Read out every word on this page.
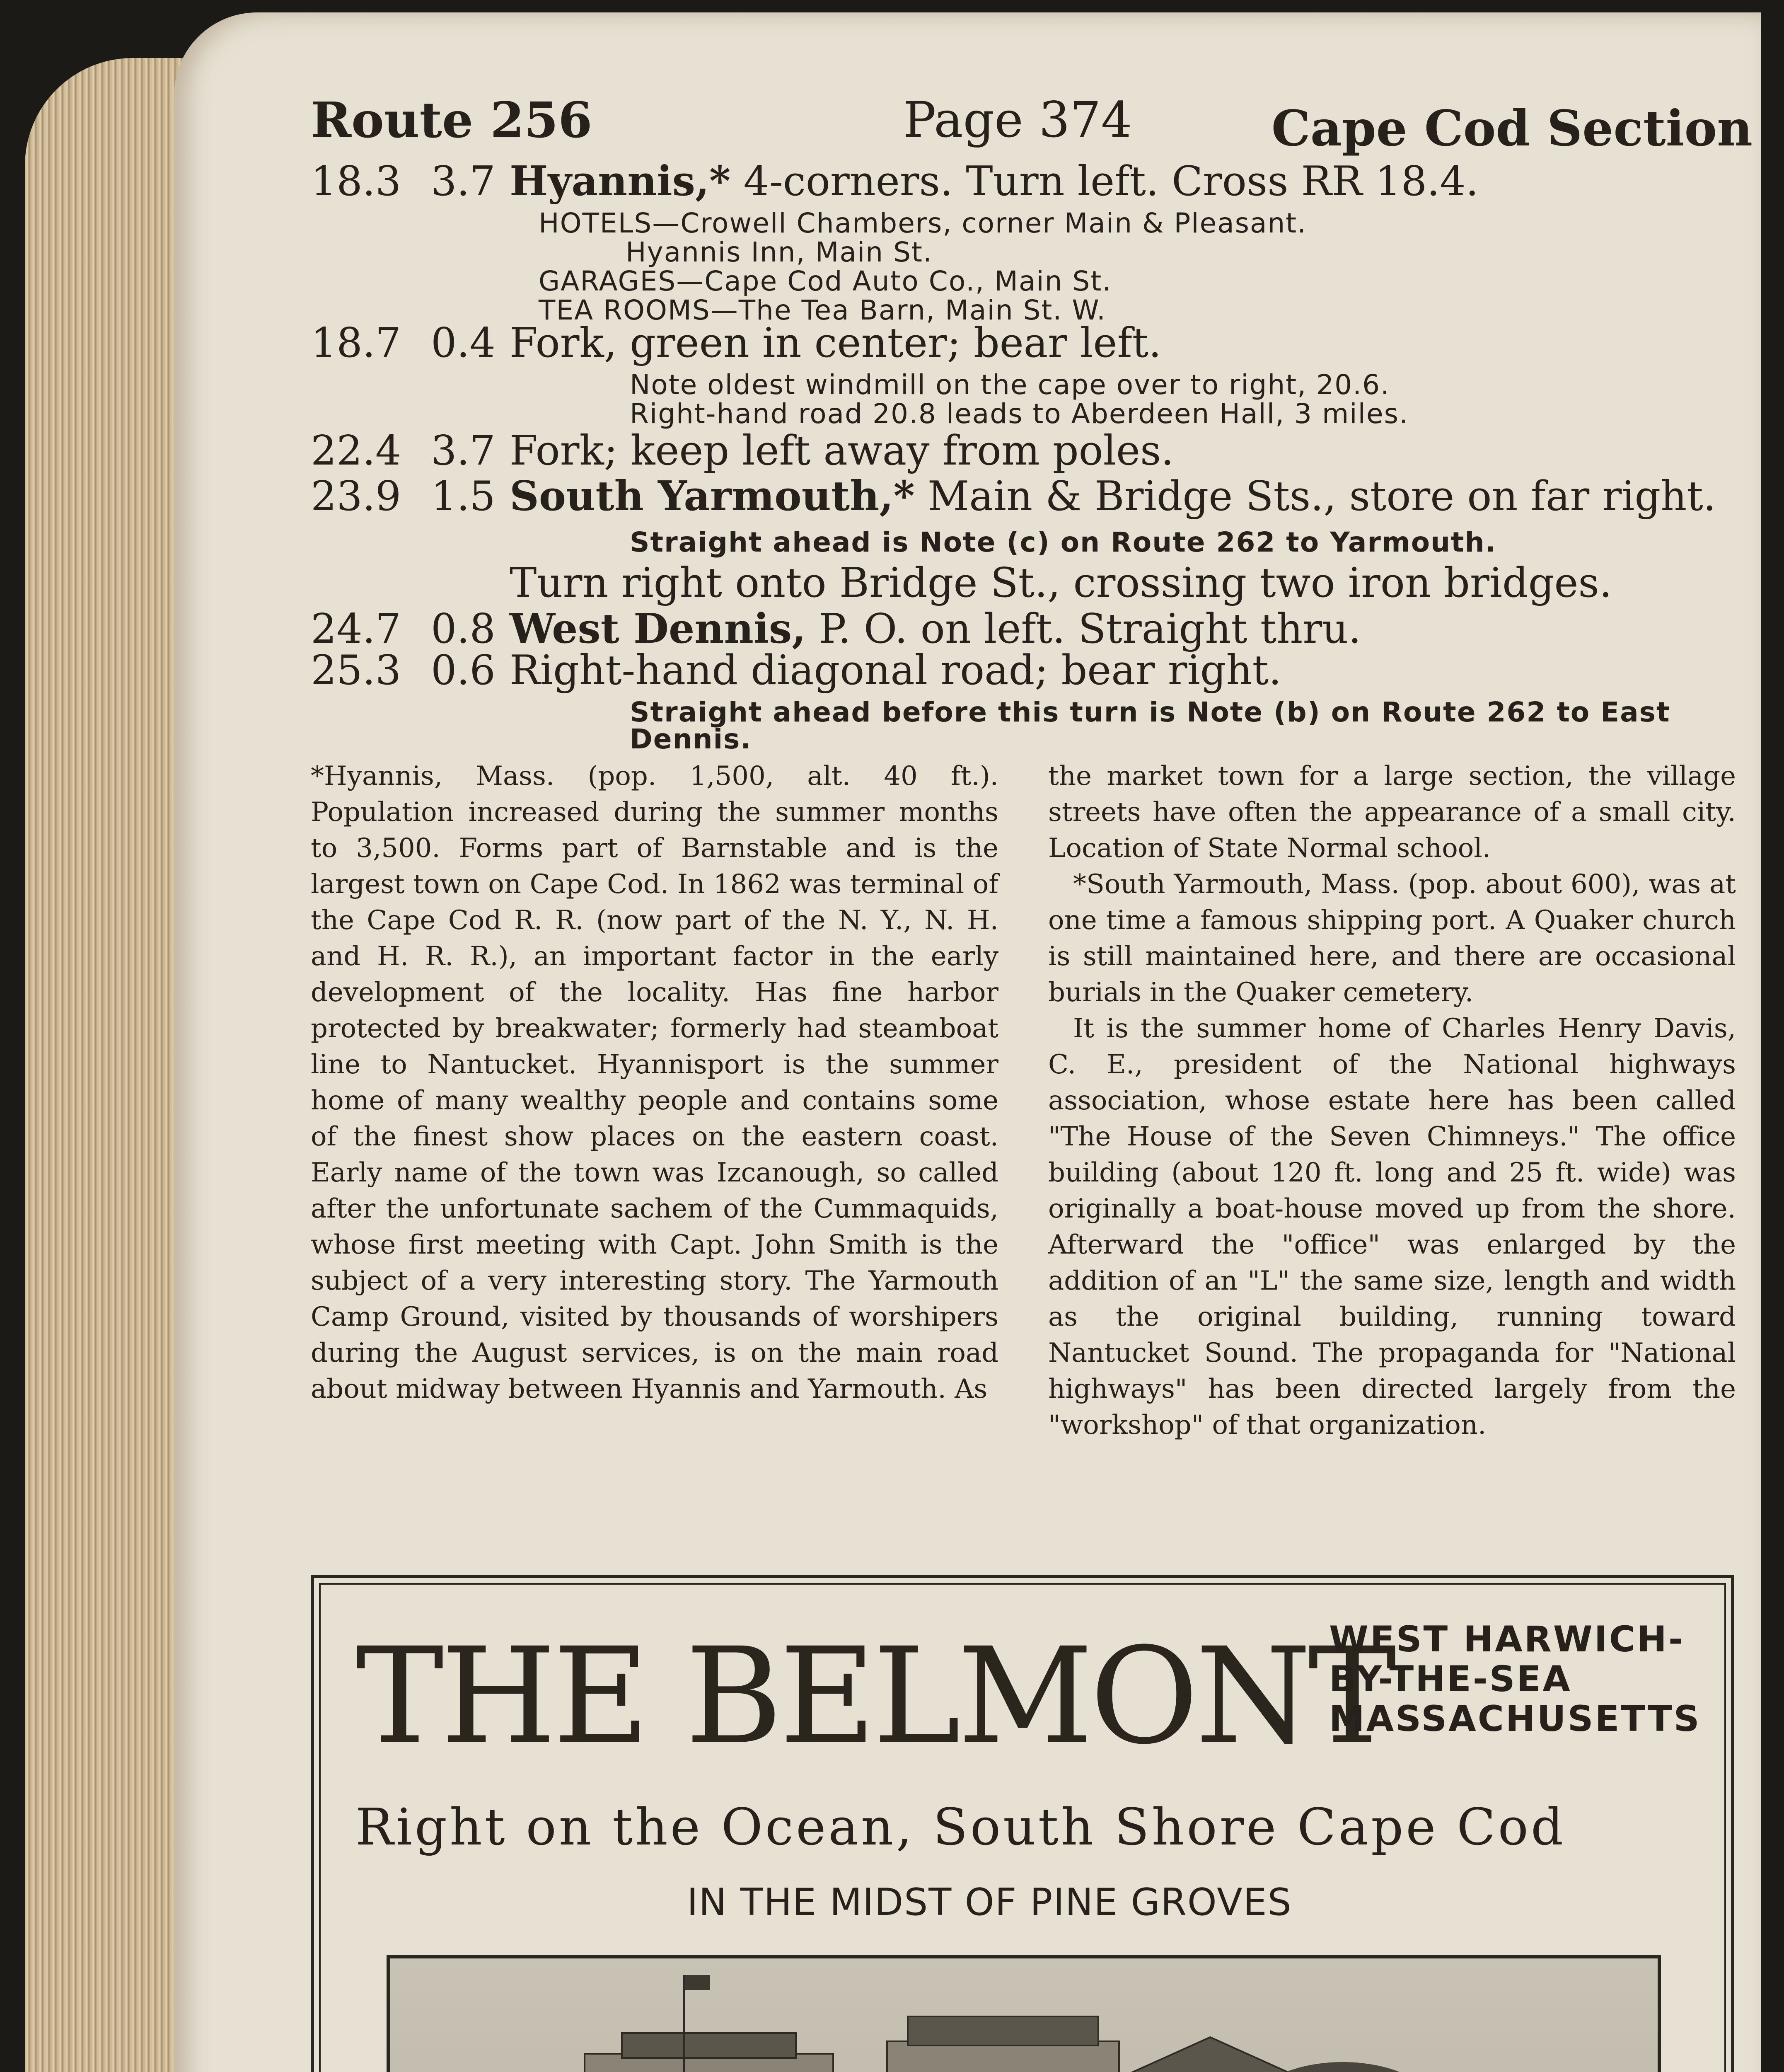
Route 256	Page 374	Cape Cod Section
18.3 3.7 Hyannis,* 4-corners. Turn left. Cross RR 18.4.
HOTELS—Crowell Chambers, corner Main & Pleasant.
Hyannis Inn, Main St.
GARAGES—Cape Cod Auto Co., Main St.
TEA ROOMS—The Tea Barn, Main St. W.
18.7 0.4 Fork, green in center; bear left.
Note oldest windmill on the cape over to right, 20.6.
Right-hand road 20.8 leads to Aberdeen Hall, 3 miles.
22.4 3.7 Fork; keep left away from poles.
23.9 1.5 South Yarmouth,* Main & Bridge Sts., store on far right.
Straight ahead is Note (c) on Route 262 to Yarmouth.
Turn right onto Bridge St., crossing two iron bridges.
24.7 0.8 West Dennis, P. O. on left. Straight thru.
25.3 0.6 Right-hand diagonal road; bear right.
Straight ahead before this turn is Note (b) on Route 262 to East
Dennis.

*Hyannis, Mass. (pop. 1,500, alt. 40 ft.). Population increased during the summer months to 3,500. Forms part of Barnstable and is the largest town on Cape Cod. In 1862 was terminal of the Cape Cod R. R. (now part of the N. Y., N. H. and H. R. R.), an important factor in the early development of the locality. Has fine harbor protected by breakwater; formerly had steamboat line to Nantucket. Hyannisport is the summer home of many wealthy people and contains some of the finest show places on the eastern coast. Early name of the town was Izcanough, so called after the unfortunate sachem of the Cummaquids, whose first meeting with Capt. John Smith is the subject of a very interesting story. The Yarmouth Camp Ground, visited by thousands of worshipers during the August services, is on the main road about midway between Hyannis and Yarmouth. As

the market town for a large section, the village streets have often the appearance of a small city. Location of State Normal school.

*South Yarmouth, Mass. (pop. about 600), was at one time a famous shipping port. A Quaker church is still maintained here, and there are occasional burials in the Quaker cemetery.

It is the summer home of Charles Henry Davis, C. E., president of the National highways association, whose estate here has been called "The House of the Seven Chimneys." The office building (about 120 ft. long and 25 ft. wide) was originally a boat-house moved up from the shore. Afterward the "office" was enlarged by the addition of an "L" the same size, length and width as the original building, running toward Nantucket Sound. The propaganda for "National highways" has been directed largely from the "workshop" of that organization.

THE BELMONT
WEST HARWICH-
BY-THE-SEA
MASSACHUSETTS
Right on the Ocean, South Shore Cape Cod
IN THE MIDST OF PINE GROVES
